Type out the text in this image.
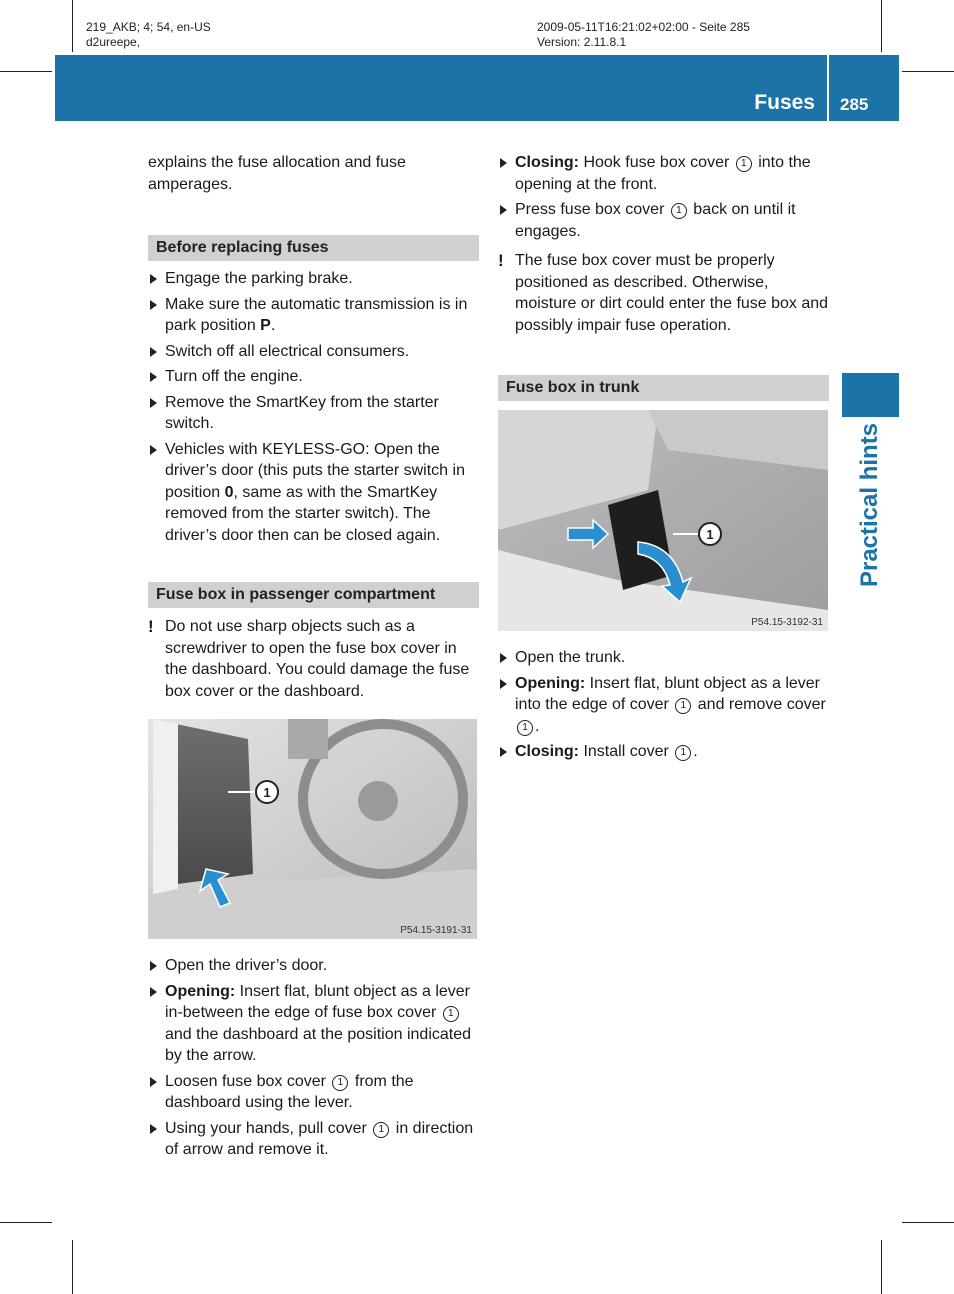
219_AKB; 4; 54, en-US
d2ureepe,
2009-05-11T16:21:02+02:00 - Seite 285
Version: 2.11.8.1
Fuses 285
Practical hints

explains the fuse allocation and fuse amperages.

Before replacing fuses
Engage the parking brake.
Make sure the automatic transmission is in park position P.
Switch off all electrical consumers.
Turn off the engine.
Remove the SmartKey from the starter switch.
Vehicles with KEYLESS-GO: Open the driver’s door (this puts the starter switch in position 0, same as with the SmartKey removed from the starter switch). The driver’s door then can be closed again.
Fuse box in passenger compartment
! Do not use sharp objects such as a screwdriver to open the fuse box cover in the dashboard. You could damage the fuse box cover or the dashboard.
1
P54.15-3191-31
Open the driver’s door.
Opening: Insert flat, blunt object as a lever in-between the edge of fuse box cover 1 and the dashboard at the position indicated by the arrow.
Loosen fuse box cover 1 from the dashboard using the lever.
Using your hands, pull cover 1 in direction of arrow and remove it.
Closing: Hook fuse box cover 1 into the opening at the front.
Press fuse box cover 1 back on until it engages.
! The fuse box cover must be properly positioned as described. Otherwise, moisture or dirt could enter the fuse box and possibly impair fuse operation.
Fuse box in trunk
1
P54.15-3192-31
Open the trunk.
Opening: Insert flat, blunt object as a lever into the edge of cover 1 and remove cover 1 .
Closing: Install cover 1 .
